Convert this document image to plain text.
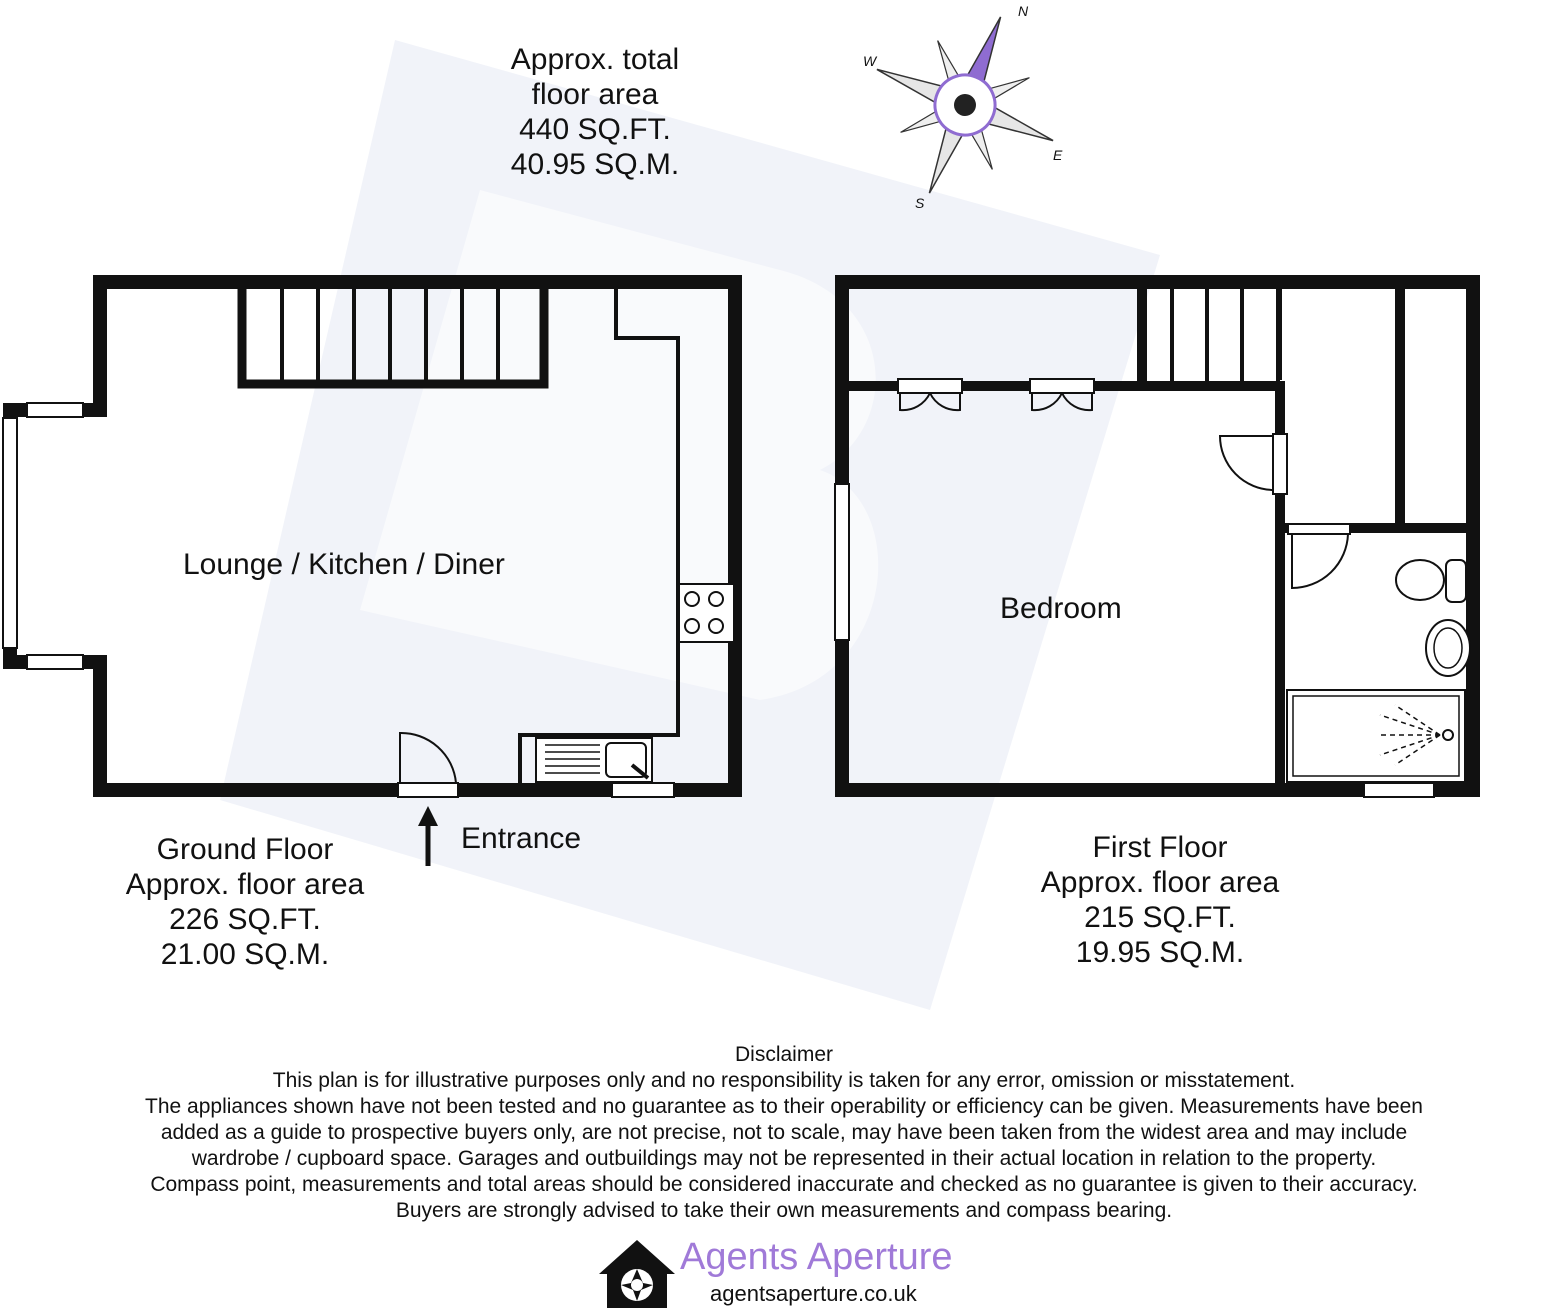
N
E
S
W
Approx. total
floor area
440 SQ.FT.
40.95 SQ.M.
Lounge / Kitchen / Diner
Bedroom
Entrance
Ground Floor
Approx. floor area
226 SQ.FT.
21.00 SQ.M.
First Floor
Approx. floor area
215 SQ.FT.
19.95 SQ.M.
Disclaimer
This plan is for illustrative purposes only and no responsibility is taken for any error, omission or misstatement.
The appliances shown have not been tested and no guarantee as to their operability or efficiency can be given. Measurements have been
added as a guide to prospective buyers only, are not precise, not to scale, may have been taken from the widest area and may include
wardrobe / cupboard space. Garages and outbuildings may not be represented in their actual location in relation to the property.
Compass point, measurements and total areas should be considered inaccurate and checked as no guarantee is given to their accuracy.
Buyers are strongly advised to take their own measurements and compass bearing.
Agents Aperture
agentsaperture.co.uk
